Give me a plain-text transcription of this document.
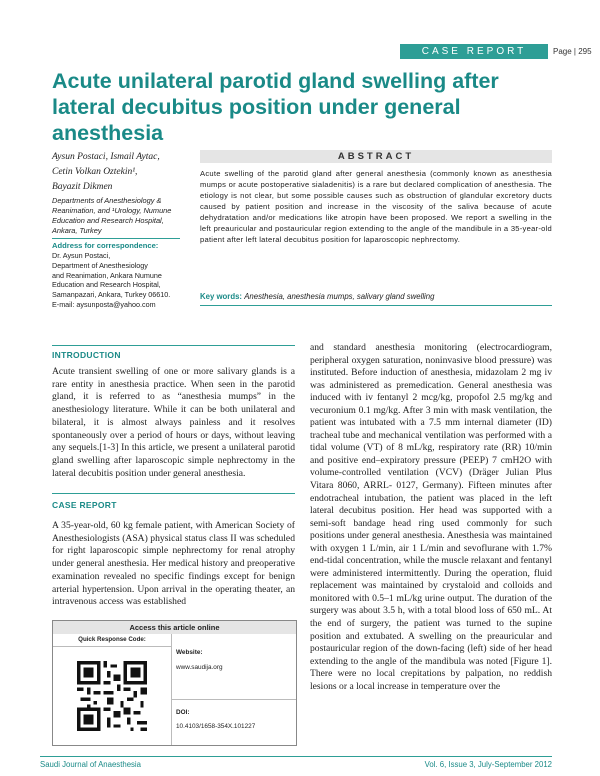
CASE REPORT	Page | 295
Acute unilateral parotid gland swelling after lateral decubitus position under general anesthesia
Aysun Postaci, Ismail Aytac,
Cetin Volkan Oztekin¹,
Bayazit Dikmen
Departments of Anesthesiology & Reanimation, and ¹Urology, Numune Education and Research Hospital, Ankara, Turkey
Address for correspondence:
Dr. Aysun Postaci,
Department of Anesthesiology
and Reanimation, Ankara Numune
Education and Research Hospital,
Samanpazari, Ankara, Turkey 06610.
E-mail: aysunposta@yahoo.com
ABSTRACT
Acute swelling of the parotid gland after general anesthesia (commonly known as anesthesia mumps or acute postoperative sialadenitis) is a rare but declared complication of anesthesia. The etiology is not clear, but some possible causes such as obstruction of glandular excretory ducts caused by patient position and increase in the viscosity of the saliva because of acute dehydratation and/or medications like atropin have been proposed. We report a swelling in the left preauricular and postauricular region extending to the angle of the mandibule in a 35-year-old patient after left lateral decubitus position for laparoscopic nephrectomy.
Key words: Anesthesia, anesthesia mumps, salivary gland swelling
INTRODUCTION

Acute transient swelling of one or more salivary glands is a rare entity in anesthesia practice. When seen in the parotid gland, it is referred to as “anesthesia mumps” in the anesthesiology literature. While it can be both unilateral and bilateral, it is almost always painless and it resolves spontaneously over a period of hours or days, without leaving any sequels.[1-3] In this article, we present a unilateral parotid gland swelling after laparoscopic simple nephrectomy in the lateral decubitis position under general anesthesia.

CASE REPORT

A 35-year-old, 60 kg female patient, with American Society of Anesthesiologists (ASA) physical status class II was scheduled for right laparoscopic simple nephrectomy for renal atrophy under general anesthesia. Her medical history and preoperative examination revealed no specific findings except for benign arterial hypertension. Upon arrival in the operating theater, an intravenous access was established

and standard anesthesia monitoring (electrocardiogram, peripheral oxygen saturation, noninvasive blood pressure) was instituted. Before induction of anesthesia, midazolam 2 mg iv was administered as premedication. General anesthesia was induced with iv fentanyl 2 mcg/kg, propofol 2.5 mg/kg and vecuronium 0.1 mg/kg. After 3 min with mask ventilation, the patient was intubated with a 7.5 mm internal diameter (ID) tracheal tube and mechanical ventilation was performed with a tidal volume (VT) of 8 mL/kg, respiratory rate (RR) 10/min and positive end–expiratory pressure (PEEP) 7 cmH2O with volume-controlled ventilation (VCV) (Dräger Julian Plus Vitara 8060, ARRL- 0127, Germany). Fifteen minutes after endotracheal intubation, the patient was placed in the left lateral decubitus position. Her head was supported with a semi-soft bandage head ring used commonly for such positions under general anesthesia. Anesthesia was maintained with oxygen 1 L/min, air 1 L/min and sevoflurane with 1.7% end-tidal concentration, while the muscle relaxant and fentanyl were administered intermittently. During the operation, fluid replacement was maintained by crystaloid and colloids and monitored with 0.5–1 mL/kg urine output. The duration of the surgery was about 3.5 h, with a total blood loss of 650 mL. At the end of surgery, the patient was turned to the supine position and extubated. A swelling on the preauricular and postauricular region of the down-facing (left) side of her head extending to the angle of the mandibula was noted [Figure 1]. There were no local crepitations by palpation, no reddish lesions or a local increase in temperature over the

Access this article online
Quick Response Code:
Website:
www.saudija.org
DOI:
10.4103/1658-354X.101227
Saudi Journal of Anaesthesia	Vol. 6, Issue 3, July-September 2012
